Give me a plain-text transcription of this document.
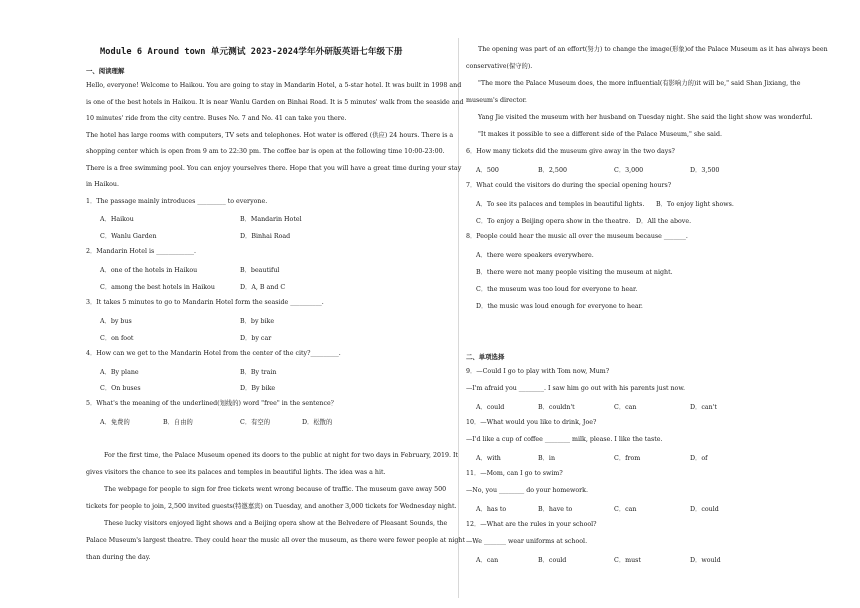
Module 6 Around town 单元测试 2023-2024学年外研版英语七年级下册
一、阅读理解
Hello, everyone! Welcome to Haikou. You are going to stay in Mandarin Hotel, a 5-star hotel. It was built in 1998 and
is one of the best hotels in Haikou. It is near Wanlu Garden on Binhai Road. It is 5 minutes' walk from the seaside and
10 minutes' ride from the city centre. Buses No. 7 and No. 41 can take you there.
The hotel has large rooms with computers, TV sets and telephones. Hot water is offered (供应) 24 hours. There is a
shopping center which is open from 9 am to 22:30 pm. The coffee bar is open at the following time 10:00-23:00.
There is a free swimming pool. You can enjoy yourselves there. Hope that you will have a great time during your stay
in Haikou.
1．The passage mainly introduces _________ to everyone.
A．Haikou	B．Mandarin Hotel
C．Wanlu Garden	D．Binhai Road
2．Mandarin Hotel is ____________.
A．one of the hotels in Haikou	B．beautiful
C．among the best hotels in Haikou	D．A, B and C
3．It takes 5 minutes to go to Mandarin Hotel form the seaside __________.
A．by bus	B．by bike
C．on foot	D．by car
4．How can we get to the Mandarin Hotel from the center of the city?_________.
A．By plane	B．By train
C．On buses	D．By bike
5．What's the meaning of the underlined(划线的) word "free" in the sentence？
A．免费的	B．自由的	C．有空的	D．松散的
For the first time, the Palace Museum opened its doors to the public at night for two days in February, 2019. It
gives visitors the chance to see its palaces and temples in beautiful lights. The idea was a hit.
The webpage for people to sign for free tickets went wrong because of traffic. The museum gave away 500
tickets for people to join, 2,500 invited guests(特邀嘉宾) on Tuesday, and another 3,000 tickets for Wednesday night.
These lucky visitors enjoyed light shows and a Beijing opera show at the Belvedere of Pleasant Sounds, the
Palace Museum's largest theatre. They could hear the music all over the museum, as there were fewer people at night
than during the day.
The opening was part of an effort(努力) to change the image(形象)of the Palace Museum as it has always been
conservative(保守的).
"The more the Palace Museum does, the more influential(有影响力的)it will be," said Shan Jixiang, the
museum's director.
Yang Jie visited the museum with her husband on Tuesday night. She said the light show was wonderful.
"It makes it possible to see a different side of the Palace Museum," she said.
6．How many tickets did the museum give away in the two days?
A．500	B．2,500	C．3,000	D．3,500
7．What could the visitors do during the special opening hours?
A．To see its palaces and temples in beautiful lights. B．To enjoy light shows.
C．To enjoy a Beijing opera show in the theatre. D．All the above.
8．People could hear the music all over the museum because _______.
A．there were speakers everywhere.
B．there were not many people visiting the museum at night.
C．the museum was too loud for everyone to hear.
D．the music was loud enough for everyone to hear.
二、单项选择
9．—Could I go to play with Tom now, Mum?
—I'm afraid you ________. I saw him go out with his parents just now.
A．could	B．couldn't	C．can	D．can't
10．—What would you like to drink, Joe?
—I'd like a cup of coffee ________ milk, please. I like the taste.
A．with	B．in	C．from	D．of
11．—Mom, can I go to swim?
—No, you ________ do your homework.
A．has to	B．have to	C．can	D．could
12．—What are the rules in your school?
—We _______ wear uniforms at school.
A．can	B．could	C．must	D．would
